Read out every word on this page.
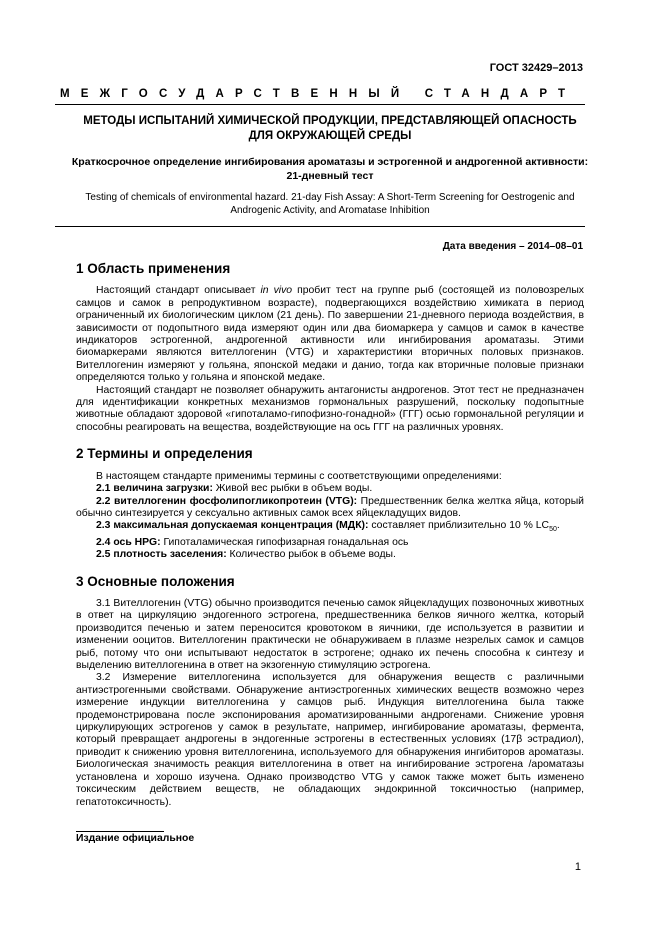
ГОСТ 32429–2013
МЕЖГОСУДАРСТВЕННЫЙ СТАНДАРТ
МЕТОДЫ ИСПЫТАНИЙ ХИМИЧЕСКОЙ ПРОДУКЦИИ, ПРЕДСТАВЛЯЮЩЕЙ ОПАСНОСТЬ ДЛЯ ОКРУЖАЮЩЕЙ СРЕДЫ
Краткосрочное определение ингибирования ароматазы и эстрогенной и андрогенной активности: 21-дневный тест
Testing of chemicals of environmental hazard. 21-day Fish Assay: A Short-Term Screening for Oestrogenic and Androgenic Activity, and Aromatase Inhibition
Дата введения – 2014–08–01
1 Область применения

Настоящий стандарт описывает in vivo пробит тест на группе рыб (состоящей из половозрелых самцов и самок в репродуктивном возрасте), подвергающихся воздействию химиката в период ограниченный их биологическим циклом (21 день). По завершении 21-дневного периода воздействия, в зависимости от подопытного вида измеряют один или два биомаркера у самцов и самок в качестве индикаторов эстрогенной, андрогенной активности или ингибирования ароматазы. Этими биомаркерами являются вителлогенин (VTG) и характеристики вторичных половых признаков. Вителлогенин измеряют у гольяна, японской медаки и данио, тогда как вторичные половые признаки определяются только у гольяна и японской медаке.

Настоящий стандарт не позволяет обнаружить антагонисты андрогенов. Этот тест не предназначен для идентификации конкретных механизмов гормональных разрушений, поскольку подопытные животные обладают здоровой «гипоталамо-гипофизно-гонадной» (ГГГ) осью гормональной регуляции и способны реагировать на вещества, воздействующие на ось ГГГ на различных уровнях.

2 Термины и определения

В настоящем стандарте применимы термины с соответствующими определениями:

2.1 величина загрузки: Живой вес рыбки в объем воды.

2.2 вителлогенин фосфолипогликопротеин (VTG): Предшественник белка желтка яйца, который обычно синтезируется у сексуально активных самок всех яйцекладущих видов.

2.3 максимальная допускаемая концентрация (МДК): составляет приблизительно 10 % $LC_{50}$.

2.4 ось HPG: Гипоталамическая гипофизарная гонадальная ось

2.5 плотность заселения: Количество рыбок в объеме воды.

3 Основные положения

3.1 Вителлогенин (VTG) обычно производится печенью самок яйцекладущих позвоночных животных в ответ на циркуляцию эндогенного эстрогена, предшественника белков яичного желтка, который производится печенью и затем переносится кровотоком в яичники, где используется в развитии и изменении ооцитов. Вителлогенин практически не обнаруживаем в плазме незрелых самок и самцов рыб, потому что они испытывают недостаток в эстрогене; однако их печень способна к синтезу и выделению вителлогенина в ответ на экзогенную стимуляцию эстрогена.

3.2 Измерение вителлогенина используется для обнаружения веществ с различными антиэстрогенными свойствами. Обнаружение антиэстрогенных химических веществ возможно через измерение индукции вителлогенина у самцов рыб. Индукция вителлогенина была также продемонстрирована после экспонирования ароматизированными андрогенами. Снижение уровня циркулирующих эстрогенов у самок в результате, например, ингибирование ароматазы, фермента, который превращает андрогены в эндогенные эстрогены в естественных условиях (17β эстрадиол), приводит к снижению уровня вителлогенина, используемого для обнаружения ингибиторов ароматазы. Биологическая значимость реакция вителлогенина в ответ на ингибирование эстрогена /ароматазы установлена и хорошо изучена. Однако производство VTG у самок также может быть изменено токсическим действием веществ, не обладающих эндокринной токсичностью (например, гепатотоксичность).

Издание официальное
1
